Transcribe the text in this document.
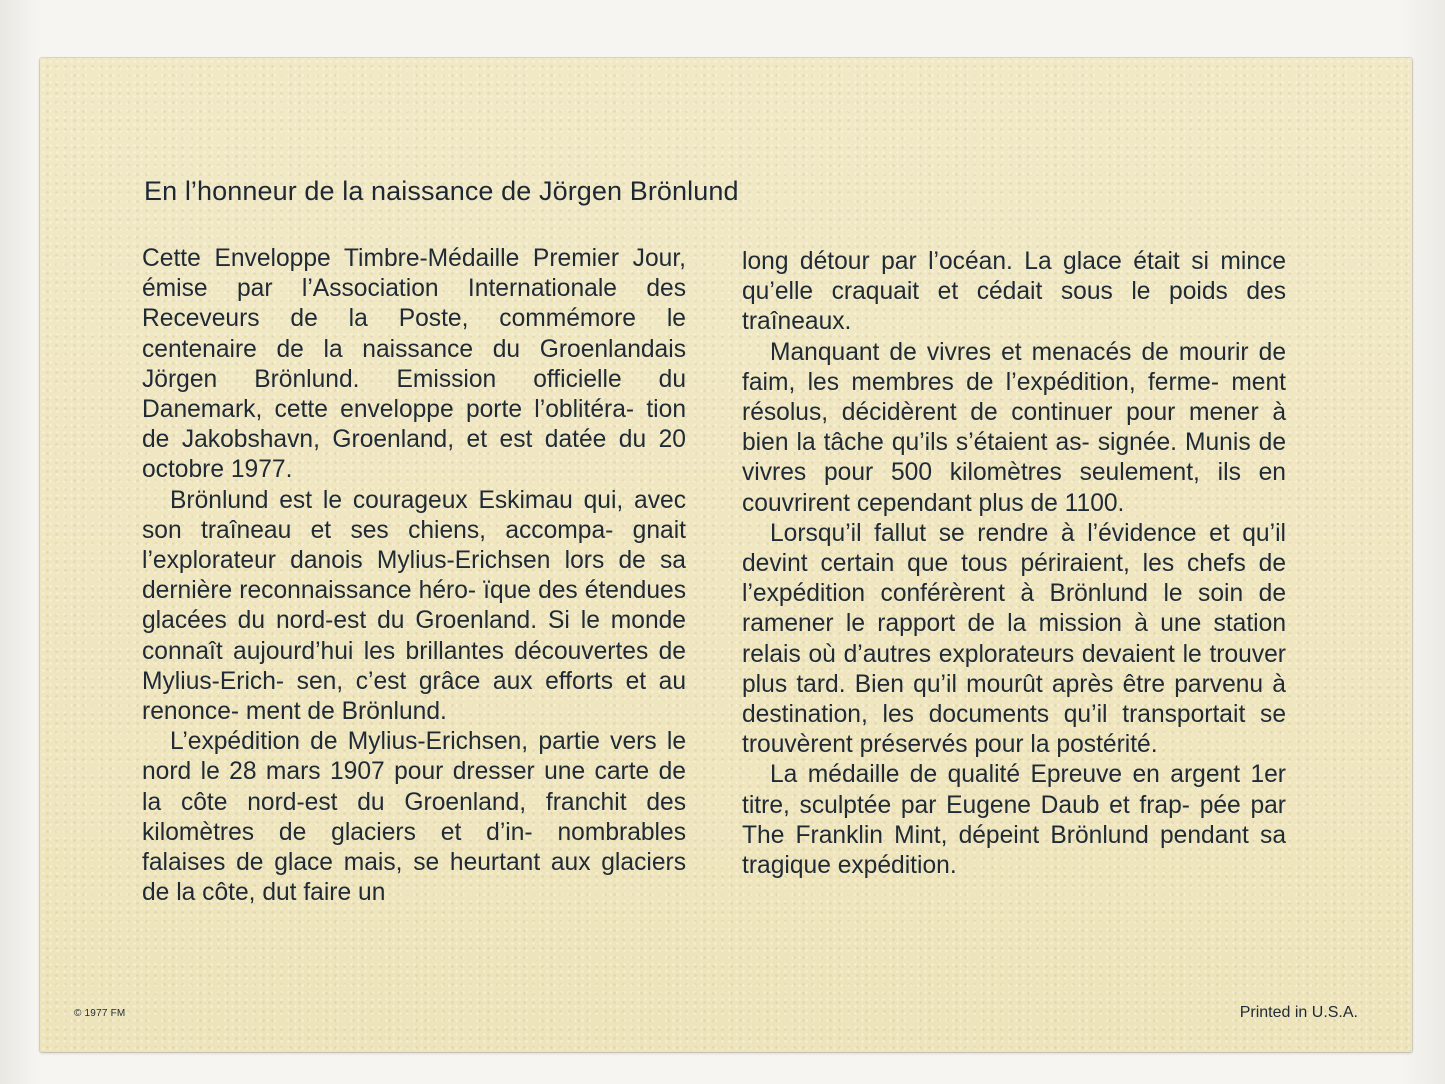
En l’honneur de la naissance de Jörgen Brönlund

Cette Enveloppe Timbre-Médaille Premier Jour, émise par l’Association Internationale des Receveurs de la Poste, commémore le centenaire de la naissance du Groenlandais Jörgen Brönlund. Emission officielle du Danemark, cette enveloppe porte l’oblitéra- tion de Jakobshavn, Groenland, et est datée du 20 octobre 1977.

Brönlund est le courageux Eskimau qui, avec son traîneau et ses chiens, accompa- gnait l’explorateur danois Mylius-Erichsen lors de sa dernière reconnaissance héro- ïque des étendues glacées du nord-est du Groenland. Si le monde connaît aujourd’hui les brillantes découvertes de Mylius-Erich- sen, c’est grâce aux efforts et au renonce- ment de Brönlund.

L’expédition de Mylius-Erichsen, partie vers le nord le 28 mars 1907 pour dresser une carte de la côte nord-est du Groenland, franchit des kilomètres de glaciers et d’in- nombrables falaises de glace mais, se heurtant aux glaciers de la côte, dut faire un

long détour par l’océan. La glace était si mince qu’elle craquait et cédait sous le poids des traîneaux.

Manquant de vivres et menacés de mourir de faim, les membres de l’expédition, ferme- ment résolus, décidèrent de continuer pour mener à bien la tâche qu’ils s’étaient as- signée. Munis de vivres pour 500 kilomètres seulement, ils en couvrirent cependant plus de 1100.

Lorsqu’il fallut se rendre à l’évidence et qu’il devint certain que tous périraient, les chefs de l’expédition conférèrent à Brönlund le soin de ramener le rapport de la mission à une station relais où d’autres explorateurs devaient le trouver plus tard. Bien qu’il mourût après être parvenu à destination, les documents qu’il transportait se trouvèrent préservés pour la postérité.

La médaille de qualité Epreuve en argent 1er titre, sculptée par Eugene Daub et frap- pée par The Franklin Mint, dépeint Brönlund pendant sa tragique expédition.

© 1977 FM	Printed in U.S.A.
